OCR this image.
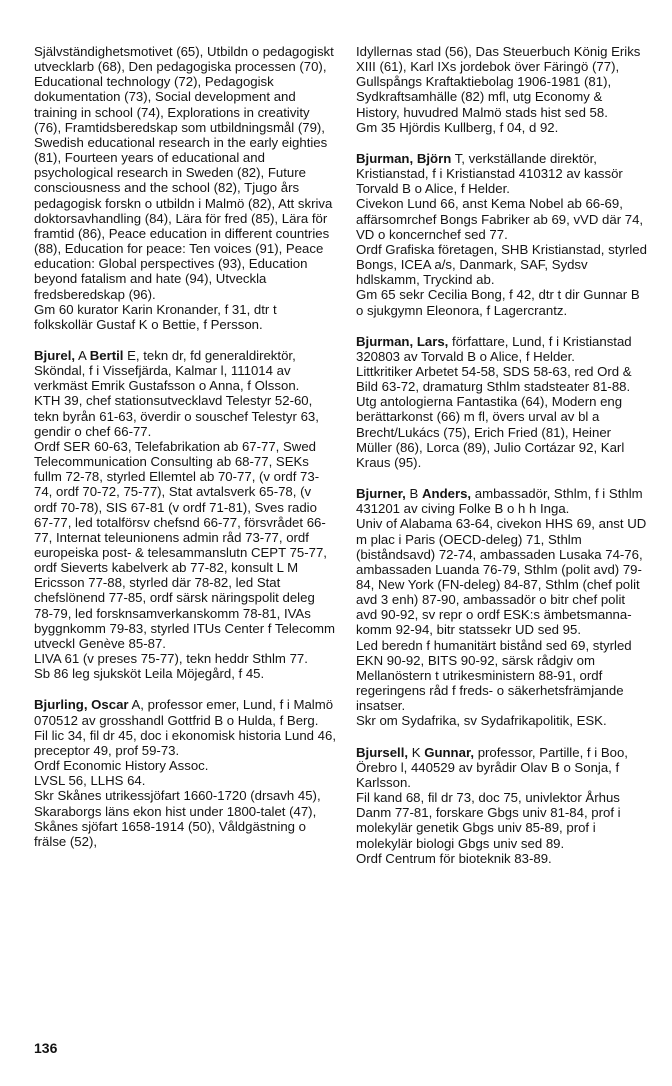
Självständighetsmotivet (65), Utbildn o pedagogiskt utvecklarb (68), Den pedagogiska processen (70), Educational technology (72), Pedagogisk dokumentation (73), Social development and training in school (74), Explorations in creativity (76), Framtidsberedskap som utbildningsmål (79), Swedish educational research in the early eighties (81), Fourteen years of educational and psychological research in Sweden (82), Future consciousness and the school (82), Tjugo års pedagogisk forskn o utbildn i Malmö (82), Att skriva doktorsavhandling (84), Lära för fred (85), Lära för framtid (86), Peace education in different countries (88), Education for peace: Ten voices (91), Peace education: Global perspectives (93), Education beyond fatalism and hate (94), Utveckla fredsberedskap (96).

Gm 60 kurator Karin Kronander, f 31, dtr t folkskollär Gustaf K o Bettie, f Persson.

Bjurel, A Bertil E, tekn dr, fd generaldirektör, Sköndal, f i Vissefjärda, Kalmar l, 111014 av verkmäst Emrik Gustafsson o Anna, f Olsson.

KTH 39, chef stationsutvecklavd Telestyr 52-60, tekn byrån 61-63, överdir o souschef Telestyr 63, gendir o chef 66-77.

Ordf SER 60-63, Telefabrikation ab 67-77, Swed Telecommunication Consulting ab 68-77, SEKs fullm 72-78, styrled Ellemtel ab 70-77, (v ordf 73-74, ordf 70-72, 75-77), Stat avtalsverk 65-78, (v ordf 70-78), SIS 67-81 (v ordf 71-81), Sves radio 67-77, led totalförsv chefsnd 66-77, försvrådet 66-77, Internat teleunionens admin råd 73-77, ordf europeiska post- & telesammanslutn CEPT 75-77, ordf Sieverts kabelverk ab 77-82, konsult L M Ericsson 77-88, styrled där 78-82, led Stat chefslönend 77-85, ordf särsk näringspolit deleg 78-79, led forsknsamverkanskomm 78-81, IVAs byggnkomm 79-83, styrled ITUs Center f Telecomm utveckl Genève 85-87.

LIVA 61 (v preses 75-77), tekn heddr Sthlm 77.

Sb 86 leg sjuksköt Leila Möjegård, f 45.

Bjurling, Oscar A, professor emer, Lund, f i Malmö 070512 av grosshandl Gottfrid B o Hulda, f Berg.

Fil lic 34, fil dr 45, doc i ekonomisk historia Lund 46, preceptor 49, prof 59-73.

Ordf Economic History Assoc.

LVSL 56, LLHS 64.

Skr Skånes utrikessjöfart 1660-1720 (drsavh 45), Skaraborgs läns ekon hist under 1800-talet (47), Skånes sjöfart 1658-1914 (50), Våldgästning o frälse (52),

Idyllernas stad (56), Das Steuerbuch König Eriks XIII (61), Karl IXs jordebok över Färingö (77), Gullspångs Kraftaktiebolag 1906-1981 (81), Sydkraftsamhälle (82) mfl, utg Economy & History, huvudred Malmö stads hist sed 58.

Gm 35 Hjördis Kullberg, f 04, d 92.

Bjurman, Björn T, verkställande direktör, Kristianstad, f i Kristianstad 410312 av kassör Torvald B o Alice, f Helder.

Civekon Lund 66, anst Kema Nobel ab 66-69, affärsomrchef Bongs Fabriker ab 69, vVD där 74, VD o koncernchef sed 77.

Ordf Grafiska företagen, SHB Kristianstad, styrled Bongs, ICEA a/s, Danmark, SAF, Sydsv hdlskamm, Tryckind ab.

Gm 65 sekr Cecilia Bong, f 42, dtr t dir Gunnar B o sjukgymn Eleonora, f Lagercrantz.

Bjurman, Lars, författare, Lund, f i Kristianstad 320803 av Torvald B o Alice, f Helder.

Littkritiker Arbetet 54-58, SDS 58-63, red Ord & Bild 63-72, dramaturg Sthlm stadsteater 81-88.

Utg antologierna Fantastika (64), Modern eng berättarkonst (66) m fl, övers urval av bl a Brecht/Lukács (75), Erich Fried (81), Heiner Müller (86), Lorca (89), Julio Cortázar 92, Karl Kraus (95).

Bjurner, B Anders, ambassadör, Sthlm, f i Sthlm 431201 av civing Folke B o h h Inga.

Univ of Alabama 63-64, civekon HHS 69, anst UD m plac i Paris (OECD-deleg) 71, Sthlm (biståndsavd) 72-74, ambassaden Lusaka 74-76, ambassaden Luanda 76-79, Sthlm (polit avd) 79-84, New York (FN-deleg) 84-87, Sthlm (chef polit avd 3 enh) 87-90, ambassadör o bitr chef polit avd 90-92, sv repr o ordf ESK:s ämbetsmannakomm 92-94, bitr statssekr UD sed 95.

Led beredn f humanitärt bistånd sed 69, styrled EKN 90-92, BITS 90-92, särsk rådgiv om Mellanöstern t utrikesministern 88-91, ordf regeringens råd f freds- o säkerhetsfrämjande insatser.

Skr om Sydafrika, sv Sydafrikapolitik, ESK.

Bjursell, K Gunnar, professor, Partille, f i Boo, Örebro l, 440529 av byrådir Olav B o Sonja, f Karlsson.

Fil kand 68, fil dr 73, doc 75, univlektor Århus Danm 77-81, forskare Gbgs univ 81-84, prof i molekylär genetik Gbgs univ 85-89, prof i molekylär biologi Gbgs univ sed 89.

Ordf Centrum för bioteknik 83-89.

136
